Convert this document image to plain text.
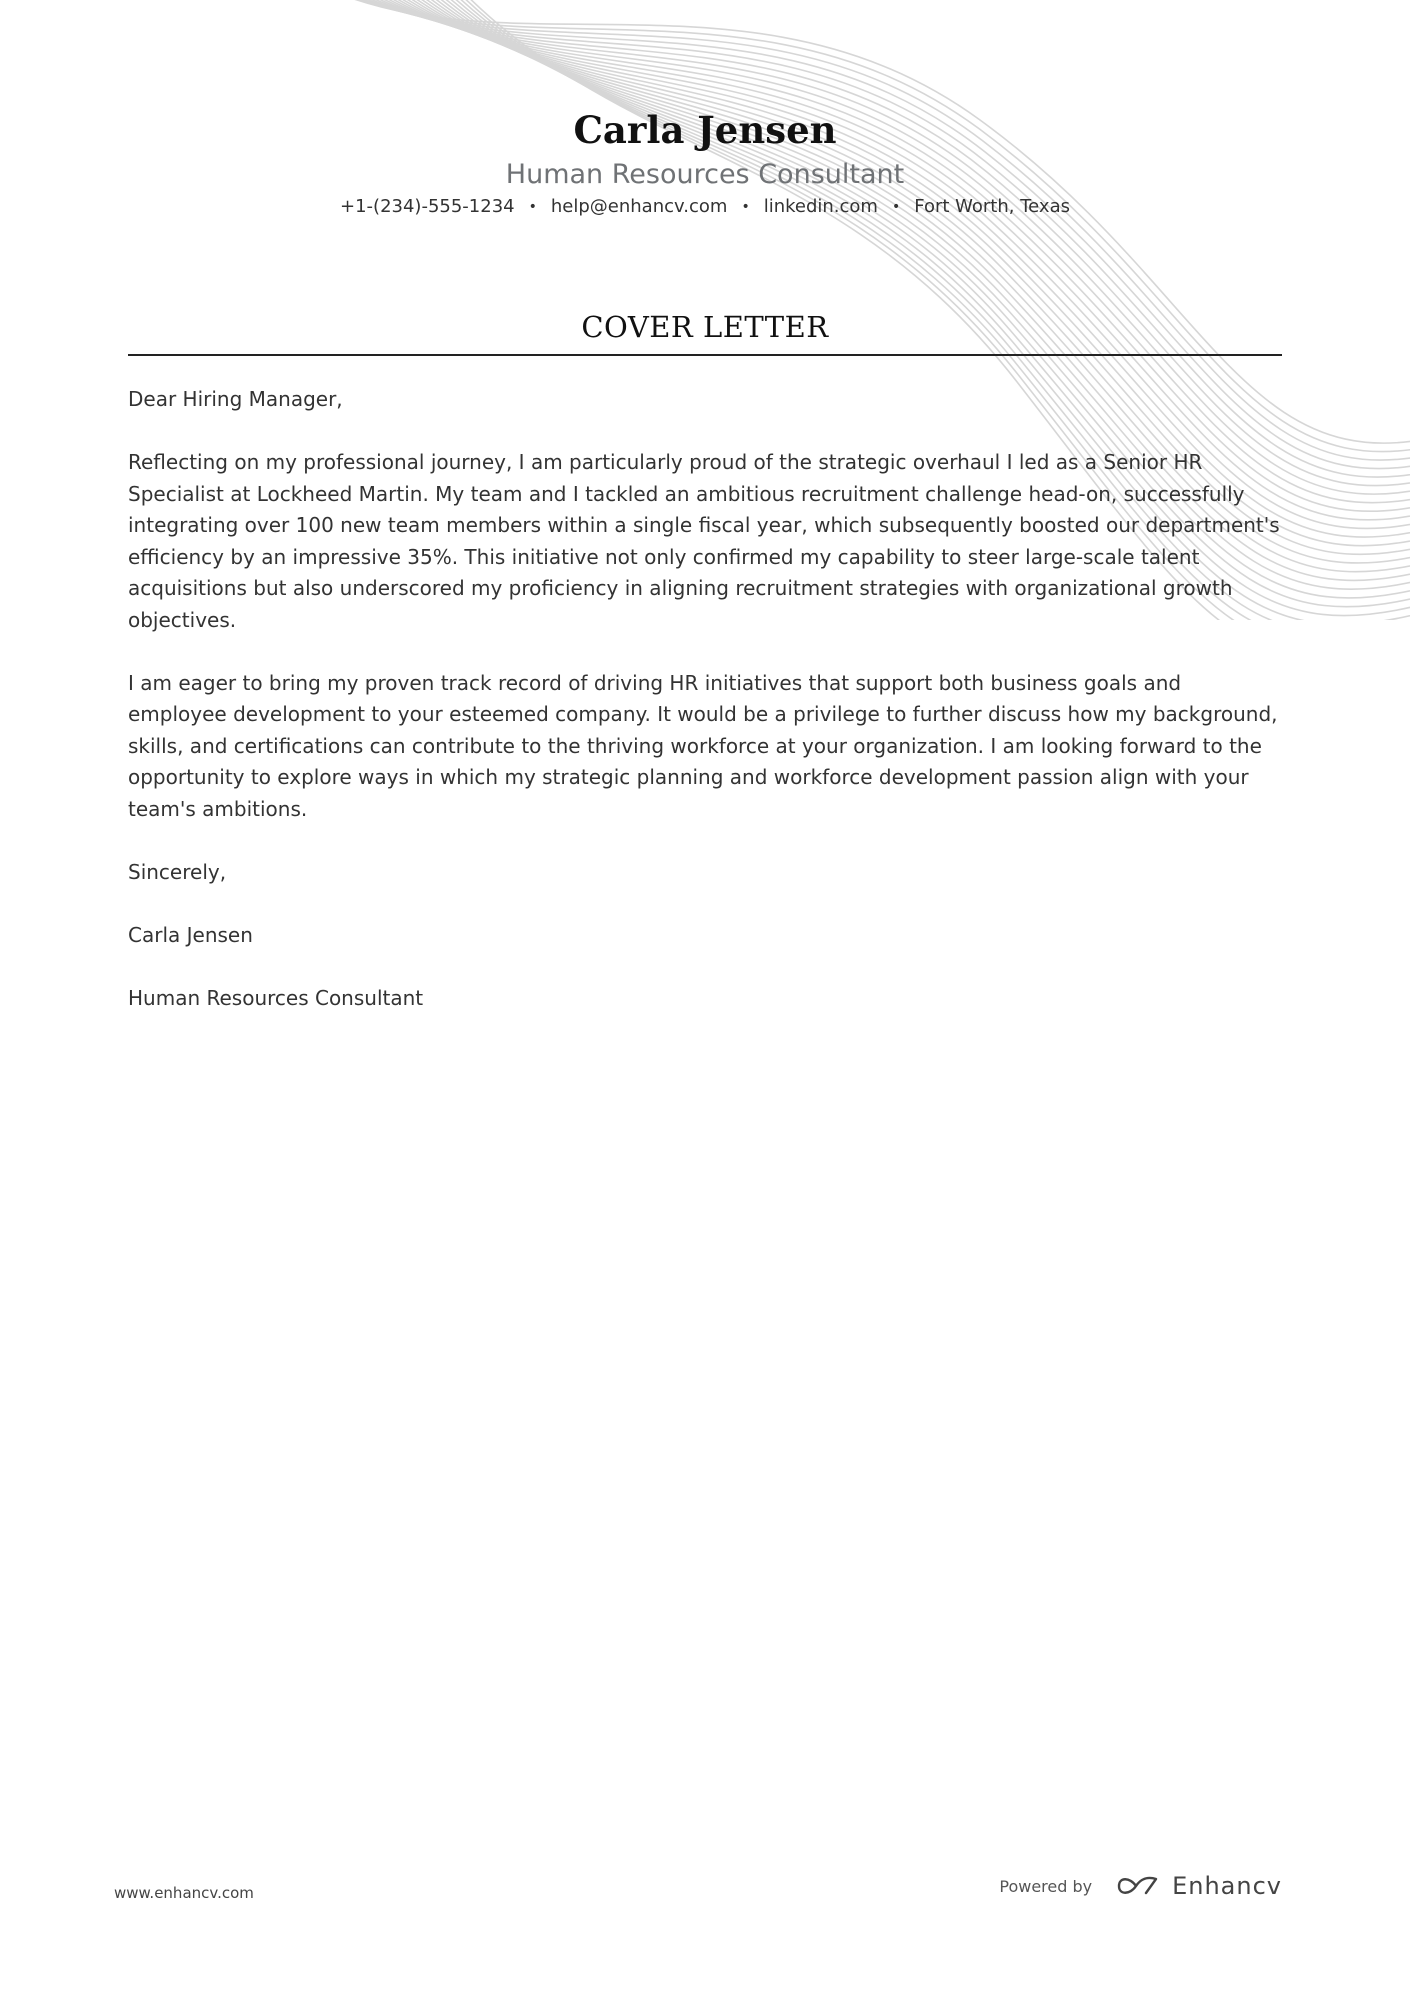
Carla Jensen
Human Resources Consultant
+1-(234)-555-1234 • help@enhancv.com • linkedin.com • Fort Worth, Texas
COVER LETTER

Dear Hiring Manager,

Reflecting on my professional journey, I am particularly proud of the strategic overhaul I led as a Senior HR Specialist at Lockheed Martin. My team and I tackled an ambitious recruitment challenge head-on, successfully integrating over 100 new team members within a single fiscal year, which subsequently boosted our department's efficiency by an impressive 35%. This initiative not only confirmed my capability to steer large-scale talent acquisitions but also underscored my proficiency in aligning recruitment strategies with organizational growth objectives.

I am eager to bring my proven track record of driving HR initiatives that support both business goals and employee development to your esteemed company. It would be a privilege to further discuss how my background, skills, and certifications can contribute to the thriving workforce at your organization. I am looking forward to the opportunity to explore ways in which my strategic planning and workforce development passion align with your team's ambitions.

Sincerely,

Carla Jensen

Human Resources Consultant

www.enhancv.com	Powered by	Enhancv
